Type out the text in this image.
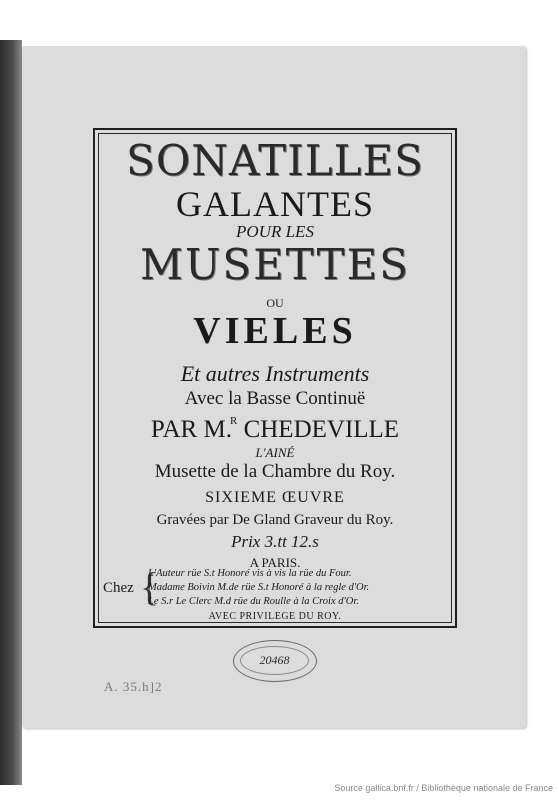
SONATILLES

GALANTES

POUR LES

MUSETTES

OU

VIELES

Et autres Instruments

Avec la Basse Continuë

PAR M.$^R$ CHEDEVILLE

L'AINÉ

Musette de la Chambre du Roy.

SIXIEME ŒUVRE

Gravées par De Gland Graveur du Roy.

Prix 3.tt 12.s

A PARIS.

Chez {
L'Auteur rüe S.t Honoré vis à vis la rüe du Four.
Madame Boivin M.de rüe S.t Honoré à la regle d'Or.
Le S.r Le Clerc M.d rüe du Roulle à la Croix d'Or.

AVEC PRIVILEGE DU ROY.

20468
A. 35.h]2
Source gallica.bnf.fr / Bibliothèque nationale de France
